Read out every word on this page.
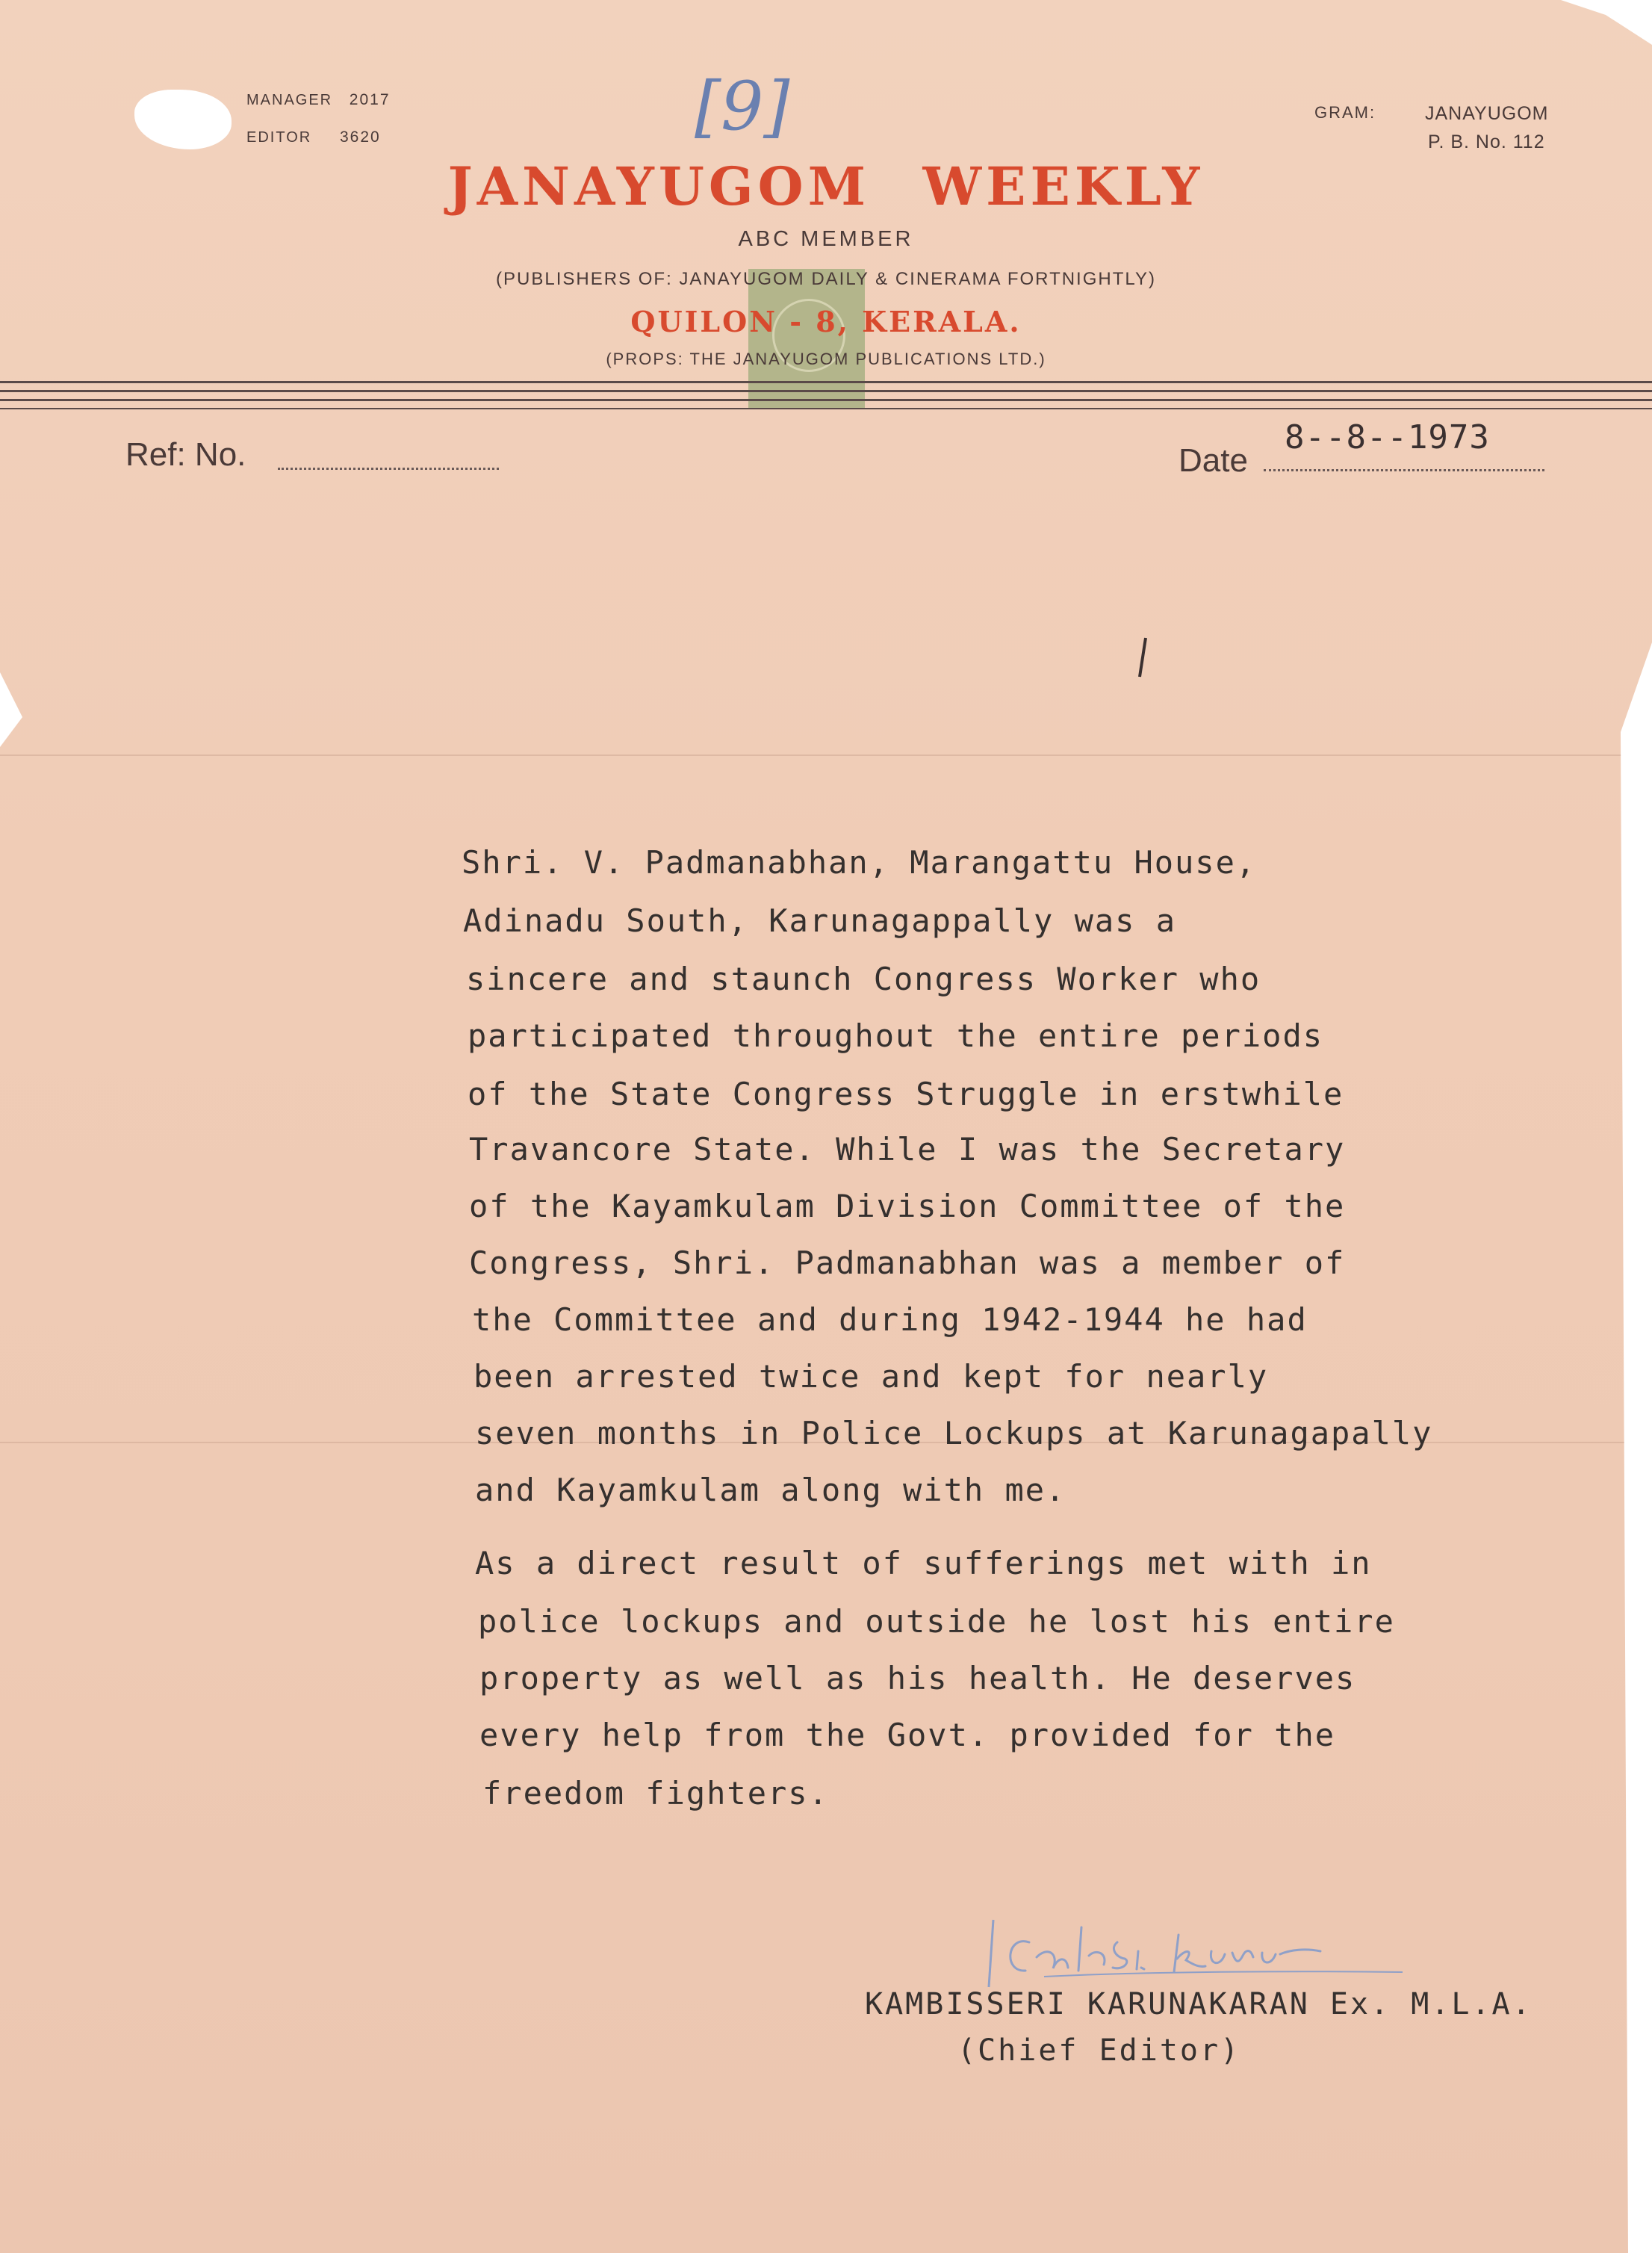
MANAGER 2017
EDITOR 3620
GRAM:	JANAYUGOM
P. B. No. 112
[9]
JANAYUGOM WEEKLY
ABC MEMBER
(PUBLISHERS OF: JANAYUGOM DAILY & CINERAMA FORTNIGHTLY)
QUILON - 8, KERALA.
(PROPS: THE JANAYUGOM PUBLICATIONS LTD.)
Ref: No.	Date
8--8--1973
Shri. V. Padmanabhan, Marangattu House,
Adinadu South, Karunagappally was a
sincere and staunch Congress Worker who
participated throughout the entire periods
of the State Congress Struggle in erstwhile
Travancore State. While I was the Secretary
of the Kayamkulam Division Committee of the
Congress, Shri. Padmanabhan was a member of
the Committee and during 1942-1944 he had
been arrested twice and kept for nearly
seven months in Police Lockups at Karunagapally
and Kayamkulam along with me.
As a direct result of sufferings met with in
police lockups and outside he lost his entire
property as well as his health. He deserves
every help from the Govt. provided for the
freedom fighters.
KAMBISSERI KARUNAKARAN Ex. M.L.A.
(Chief Editor)
